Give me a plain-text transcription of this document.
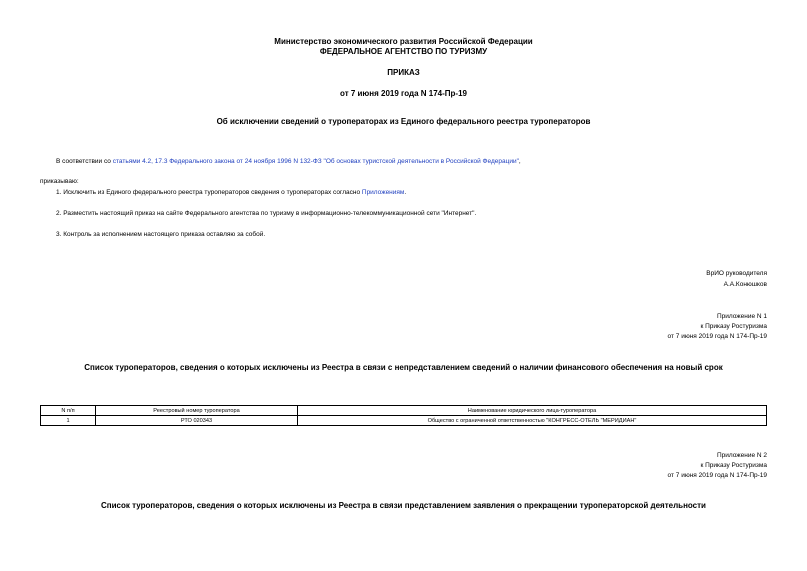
Министерство экономического развития Российской Федерации
ФЕДЕРАЛЬНОЕ АГЕНТСТВО ПО ТУРИЗМУ
ПРИКАЗ
от 7 июня 2019 года N 174-Пр-19
Об исключении сведений о туроператорах из Единого федерального реестра туроператоров
В соответствии со статьями 4.2, 17.3 Федерального закона от 24 ноября 1996 N 132-ФЗ "Об основах туристской деятельности в Российской Федерации",
приказываю:
1. Исключить из Единого федерального реестра туроператоров сведения о туроператорах согласно Приложениям.
2. Разместить настоящий приказ на сайте Федерального агентства по туризму в информационно-телекоммуникационной сети "Интернет".
3. Контроль за исполнением настоящего приказа оставляю за собой.
ВрИО руководителя
А.А.Конюшков
Приложение N 1
к Приказу Ростуризма
от 7 июня 2019 года N 174-Пр-19
Список туроператоров, сведения о которых исключены из Реестра в связи с непредставлением сведений о наличии финансового обеспечения на новый срок
N п/п	Реестровый номер туроператора	Наименование юридического лица-туроператора
1	РТО 020343	Общество с ограниченной ответственностью "КОНГРЕСС-ОТЕЛЬ "МЕРИДИАН"
Приложение N 2
к Приказу Ростуризма
от 7 июня 2019 года N 174-Пр-19
Список туроператоров, сведения о которых исключены из Реестра в связи представлением заявления о прекращении туроператорской деятельности
